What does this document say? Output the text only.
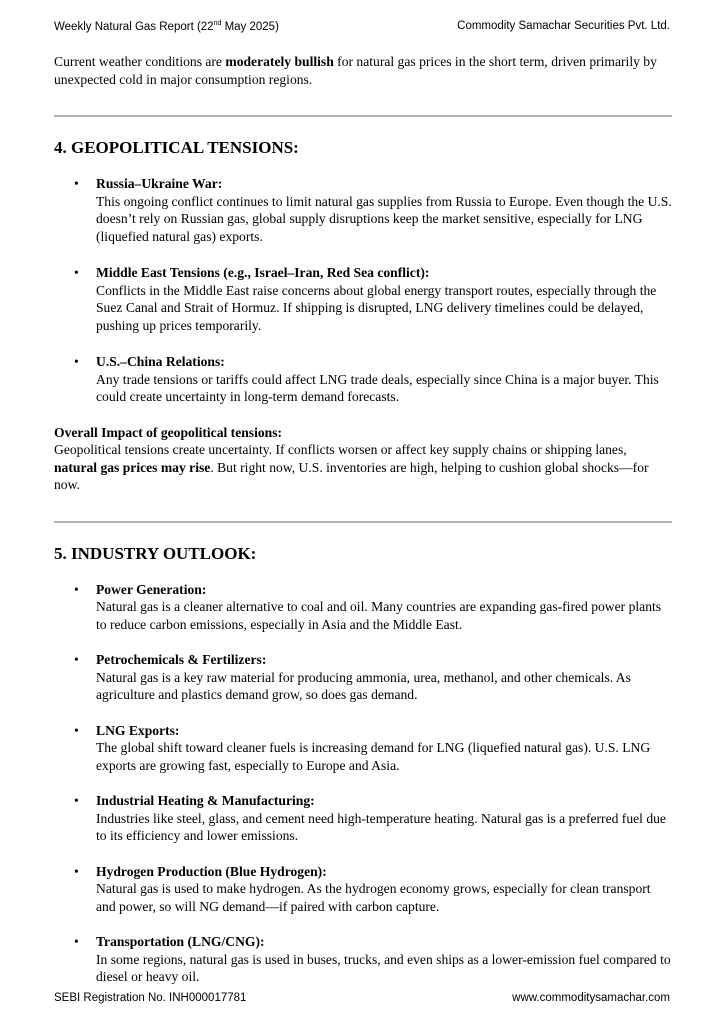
Weekly Natural Gas Report (22nd May 2025)	Commodity Samachar Securities Pvt. Ltd.

Current weather conditions are moderately bullish for natural gas prices in the short term, driven primarily by unexpected cold in major consumption regions.

4. GEOPOLITICAL TENSIONS:
• Russia–Ukraine War:
This ongoing conflict continues to limit natural gas supplies from Russia to Europe. Even though the U.S. doesn’t rely on Russian gas, global supply disruptions keep the market sensitive, especially for LNG (liquefied natural gas) exports.
• Middle East Tensions (e.g., Israel–Iran, Red Sea conflict):
Conflicts in the Middle East raise concerns about global energy transport routes, especially through the Suez Canal and Strait of Hormuz. If shipping is disrupted, LNG delivery timelines could be delayed, pushing up prices temporarily.
• U.S.–China Relations:
Any trade tensions or tariffs could affect LNG trade deals, especially since China is a major buyer. This could create uncertainty in long-term demand forecasts.

Overall Impact of geopolitical tensions:

Geopolitical tensions create uncertainty. If conflicts worsen or affect key supply chains or shipping lanes, natural gas prices may rise. But right now, U.S. inventories are high, helping to cushion global shocks—for now.

5. INDUSTRY OUTLOOK:
• Power Generation:
Natural gas is a cleaner alternative to coal and oil. Many countries are expanding gas-fired power plants to reduce carbon emissions, especially in Asia and the Middle East.
• Petrochemicals & Fertilizers:
Natural gas is a key raw material for producing ammonia, urea, methanol, and other chemicals. As agriculture and plastics demand grow, so does gas demand.
• LNG Exports:
The global shift toward cleaner fuels is increasing demand for LNG (liquefied natural gas). U.S. LNG exports are growing fast, especially to Europe and Asia.
• Industrial Heating & Manufacturing:
Industries like steel, glass, and cement need high-temperature heating. Natural gas is a preferred fuel due to its efficiency and lower emissions.
• Hydrogen Production (Blue Hydrogen):
Natural gas is used to make hydrogen. As the hydrogen economy grows, especially for clean transport and power, so will NG demand—if paired with carbon capture.
• Transportation (LNG/CNG):
In some regions, natural gas is used in buses, trucks, and even ships as a lower-emission fuel compared to diesel or heavy oil.
SEBI Registration No. INH000017781	www.commoditysamachar.com
